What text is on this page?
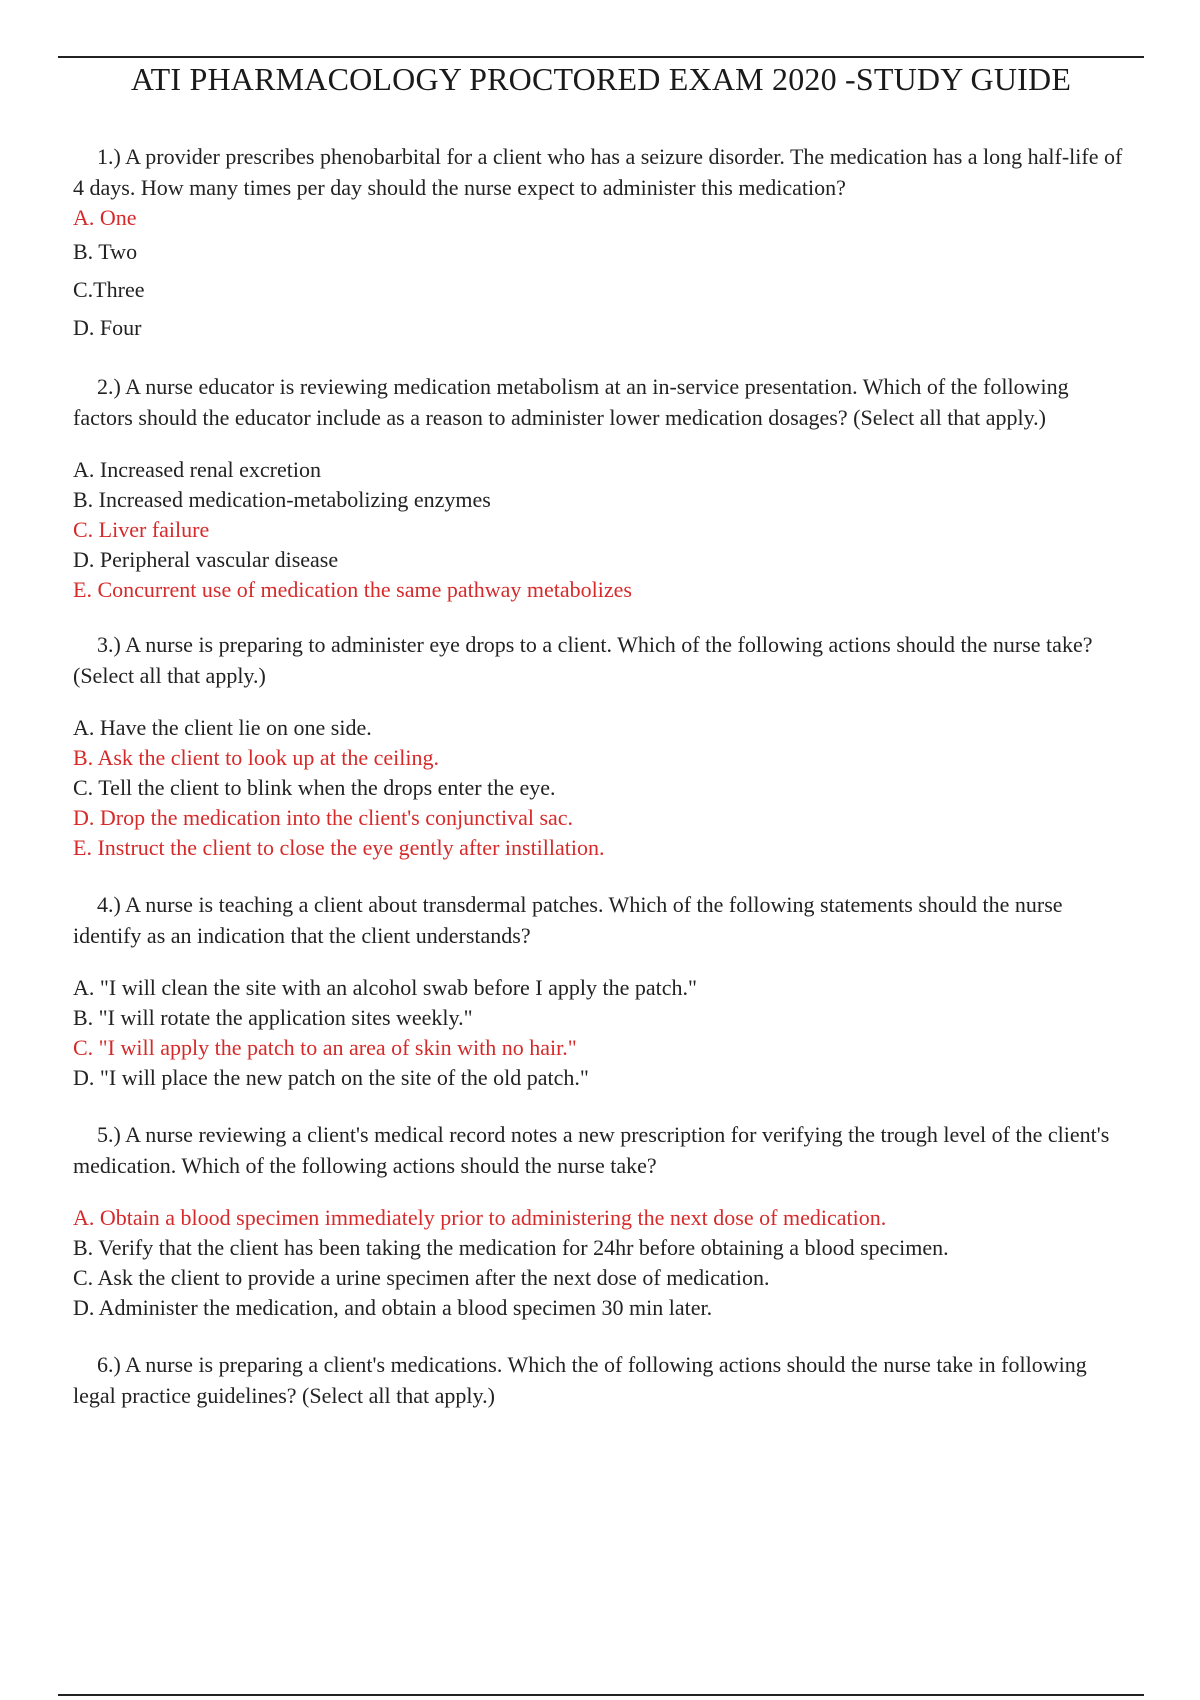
ATI PHARMACOLOGY PROCTORED EXAM 2020 -STUDY GUIDE

1.) A provider prescribes phenobarbital for a client who has a seizure disorder. The medication has a long half-life of 4 days. How many times per day should the nurse expect to administer this medication?

A. One
B. Two
C.Three
D. Four

2.) A nurse educator is reviewing medication metabolism at an in-service presentation. Which of the following factors should the educator include as a reason to administer lower medication dosages? (Select all that apply.)

A. Increased renal excretion
B. Increased medication-metabolizing enzymes
C. Liver failure
D. Peripheral vascular disease
E. Concurrent use of medication the same pathway metabolizes

3.) A nurse is preparing to administer eye drops to a client. Which of the following actions should the nurse take? (Select all that apply.)

A. Have the client lie on one side.
B. Ask the client to look up at the ceiling.
C. Tell the client to blink when the drops enter the eye.
D. Drop the medication into the client's conjunctival sac.
E. Instruct the client to close the eye gently after instillation.

4.) A nurse is teaching a client about transdermal patches. Which of the following statements should the nurse identify as an indication that the client understands?

A. "I will clean the site with an alcohol swab before I apply the patch."
B. "I will rotate the application sites weekly."
C. "I will apply the patch to an area of skin with no hair."
D. "I will place the new patch on the site of the old patch."

5.) A nurse reviewing a client's medical record notes a new prescription for verifying the trough level of the client's medication. Which of the following actions should the nurse take?

A. Obtain a blood specimen immediately prior to administering the next dose of medication.
B. Verify that the client has been taking the medication for 24hr before obtaining a blood specimen.
C. Ask the client to provide a urine specimen after the next dose of medication.
D. Administer the medication, and obtain a blood specimen 30 min later.

6.) A nurse is preparing a client's medications. Which the of following actions should the nurse take in following legal practice guidelines? (Select all that apply.)
